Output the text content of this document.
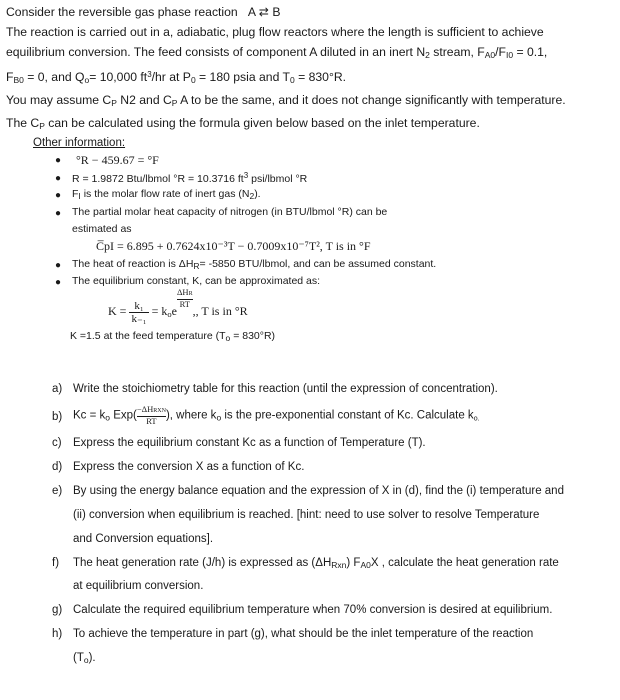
Consider the reversible gas phase reaction A ⇄ B
The reaction is carried out in a, adiabatic, plug flow reactors where the length is sufficient to achieve
equilibrium conversion. The feed consists of component A diluted in an inert $N_2$ stream, $F_{A0}/F_{I0} = 0.1$,
$F_{B0} = 0$, and $Q_o= 10,000$ $ft^3/hr$ at $P_0 = 180$ psia and $T_0 = 830^\circ R$.
You may assume $C_P$ N2 and $C_P$ A to be the same, and it does not change significantly with temperature.
The $C_P$ can be calculated using the formula given below based on the inlet temperature.
Other information:
● °R − 459.67 = °F
● R = 1.9872 Btu/lbmol °R = 10.3716 $ft^3$ psi/lbmol °R
● $F_I$ is the molar flow rate of inert gas $(N_2)$.
● The partial molar heat capacity of nitrogen (in BTU/lbmol °R) can be
estimated as
C̅pI = 6.895 + 0.7624x10⁻³T − 0.7009x10⁻⁷T², T is in °F
● The heat of reaction is $\Delta H_R= -5850$ BTU/lbmol, and can be assumed constant.
● The equilibrium constant, K, can be approximated as:
$K = \frac{\text{k₁}}{\text{k₋₁}} = k_oe$
$\frac{\text{ΔHR}}{RT}$
,, T is in °R
K =1.5 at the feed temperature $(T_o = 830^\circ R)$
a) Write the stoichiometry table for this reaction (until the expression of concentration).
b) $Kc = k_o$ $Exp( \frac{\text{−ΔHRXN}}{RT}$ ), where $k_o$ is the pre-exponential constant of Kc. Calculate $k_{o.}$
c) Express the equilibrium constant Kc as a function of Temperature (T).
d) Express the conversion X as a function of Kc.
e) By using the energy balance equation and the expression of X in (d), find the (i) temperature and
(ii) conversion when equilibrium is reached. [hint: need to use solver to resolve Temperature
and Conversion equations].
f) The heat generation rate (J/h) is expressed as $(\Delta H_{Rxn})$ $F_{A0}X$ , calculate the heat generation rate
at equilibrium conversion.
g) Calculate the required equilibrium temperature when 70% conversion is desired at equilibrium.
h) To achieve the temperature in part (g), what should be the inlet temperature of the reaction
$(T_o)$.
